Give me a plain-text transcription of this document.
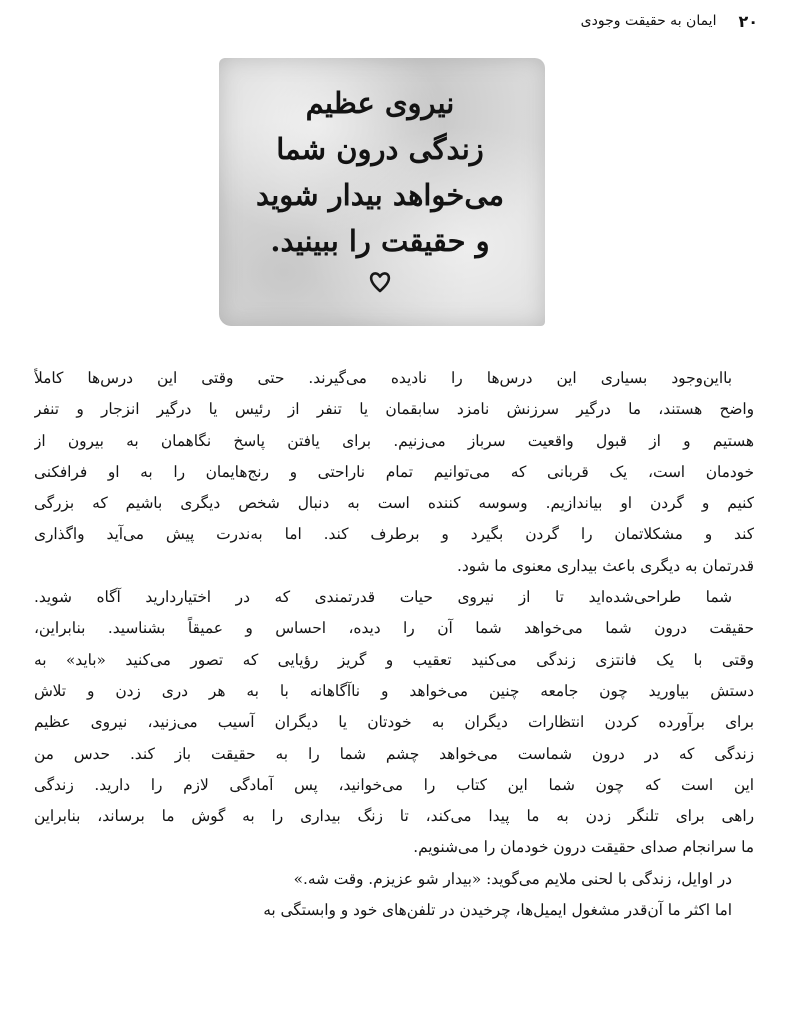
۲۰
ایمان به حقیقت وجودی
نیروی عظیم
زندگی درون شما
می‌خواهد بیدار شوید
و حقیقت را ببینید.
بااین‌وجود بسیاری این درس‌ها را نادیده می‌گیرند. حتی وقتی این درس‌ها کاملاً
واضح هستند، ما درگیر سرزنش نامزد سابقمان یا تنفر از رئیس یا درگیر انزجار و تنفر
هستیم و از قبول واقعیت سرباز می‌زنیم. برای یافتن پاسخ نگاهمان به بیرون از
خودمان است، یک قربانی که می‌توانیم تمام ناراحتی و رنج‌هایمان را به او فرافکنی
کنیم و گردن او بیاندازیم. وسوسه کننده است به دنبال شخص دیگری باشیم که بزرگی
کند و مشکلاتمان را گردن بگیرد و برطرف کند. اما به‌ندرت پیش می‌آید واگذاری
قدرتمان به دیگری باعث بیداری معنوی ما شود.
شما طراحی‌شده‌اید تا از نیروی حیات قدرتمندی که در اختیاردارید آگاه شوید.
حقیقت درون شما می‌خواهد شما آن را دیده، احساس و عمیقاً بشناسید. بنابراین،
وقتی با یک فانتزی زندگی می‌کنید تعقیب و گریز رؤیایی که تصور می‌کنید «باید» به
دستش بیاورید چون جامعه چنین می‌خواهد و ناآگاهانه با به هر دری زدن و تلاش
برای برآورده کردن انتظارات دیگران به خودتان یا دیگران آسیب می‌زنید، نیروی عظیم
زندگی که در درون شماست می‌خواهد چشم شما را به حقیقت باز کند. حدس من
این است که چون شما این کتاب را می‌خوانید، پس آمادگی لازم را دارید. زندگی
راهی برای تلنگر زدن به ما پیدا می‌کند، تا زنگ بیداری را به گوش ما برساند، بنابراین
ما سرانجام صدای حقیقت درون خودمان را می‌شنویم.
در اوایل، زندگی با لحنی ملایم می‌گوید: «بیدار شو عزیزم. وقت شه.»
اما اکثر ما آن‌قدر مشغول ایمیل‌ها، چرخیدن در تلفن‌های خود و وابستگی به
